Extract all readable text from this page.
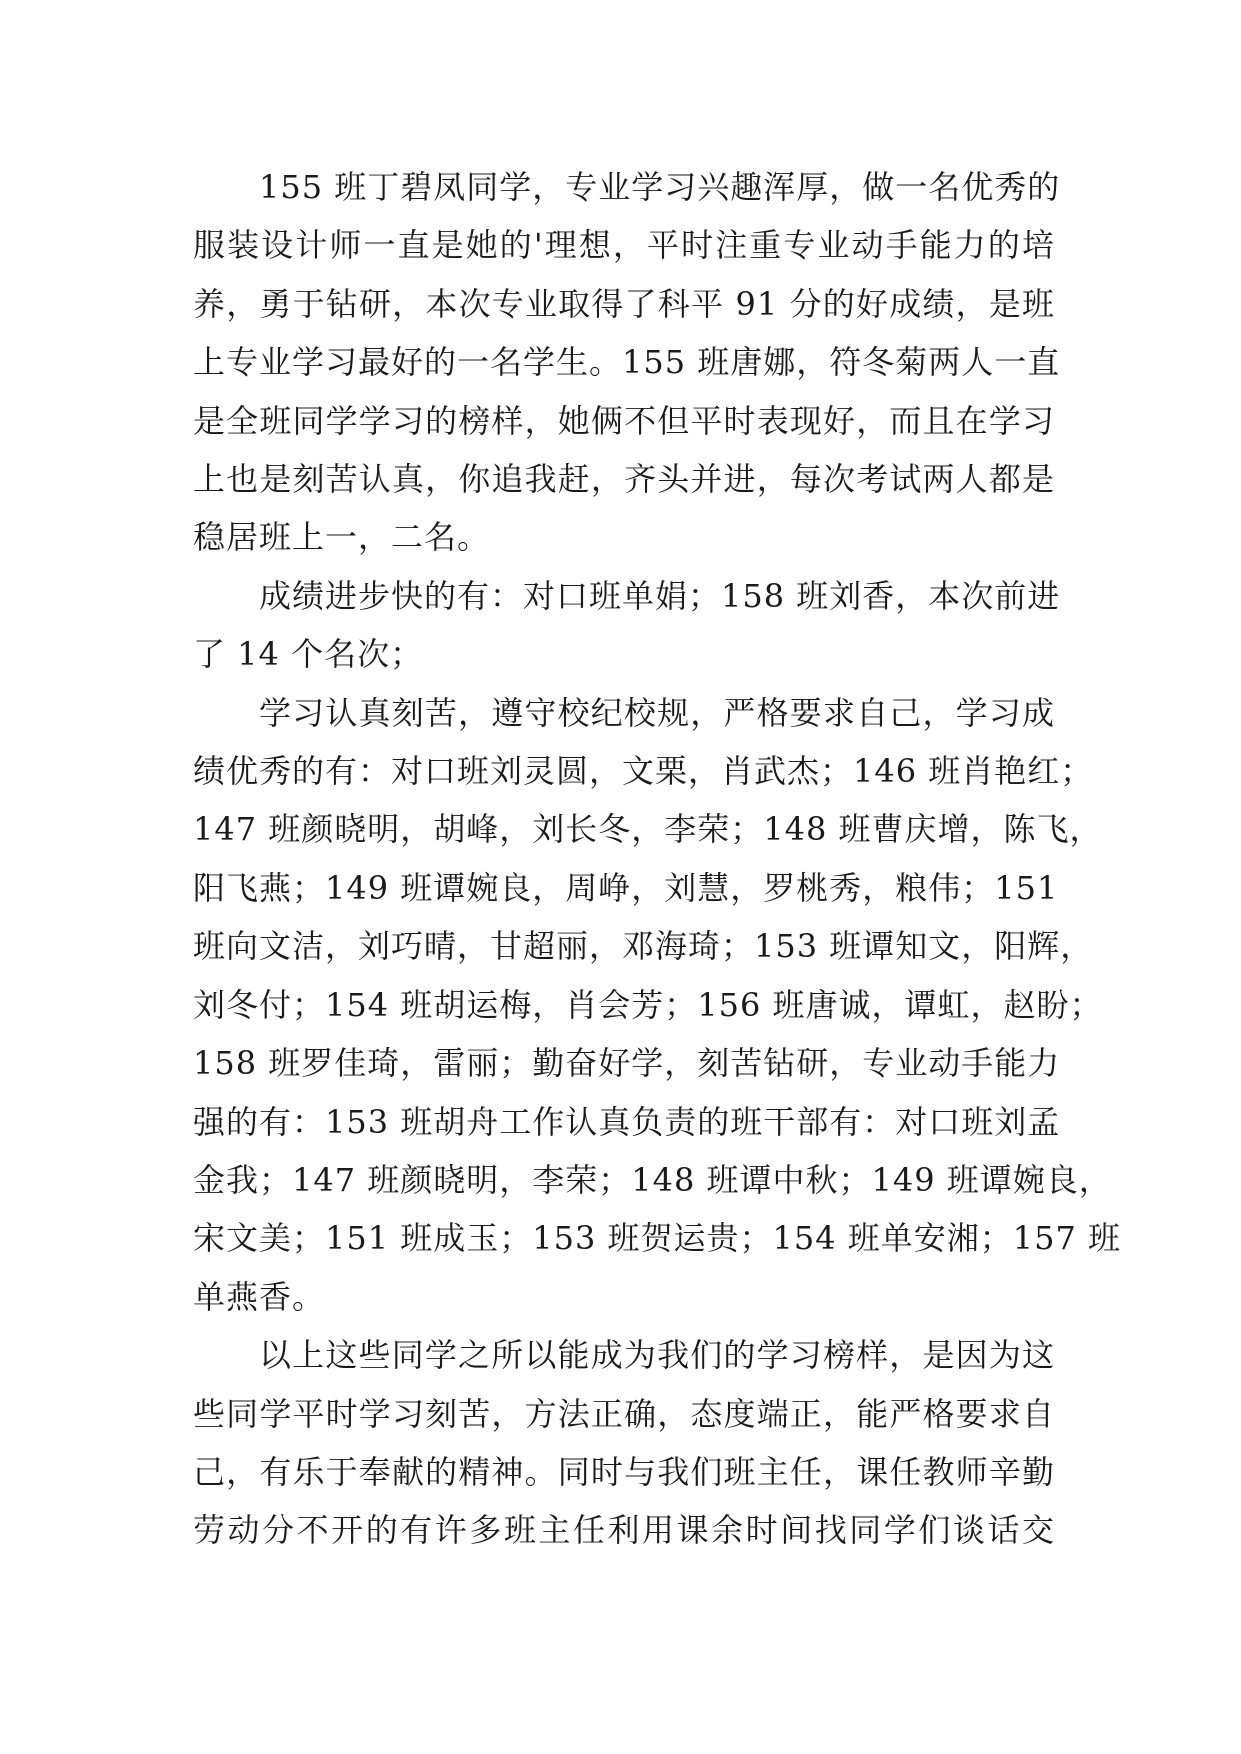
155 班丁碧凤同学，专业学习兴趣浑厚，做一名优秀的
服装设计师一直是她的'理想，平时注重专业动手能力的培
养，勇于钻研，本次专业取得了科平 91 分的好成绩，是班
上专业学习最好的一名学生。155 班唐娜，符冬菊两人一直
是全班同学学习的榜样，她俩不但平时表现好，而且在学习
上也是刻苦认真，你追我赶，齐头并进，每次考试两人都是
稳居班上一，二名。

成绩进步快的有：对口班单娟；158 班刘香，本次前进
了 14 个名次；

学习认真刻苦，遵守校纪校规，严格要求自己，学习成
绩优秀的有：对口班刘灵圆，文栗，肖武杰；146 班肖艳红；
147 班颜晓明，胡峰，刘长冬，李荣；148 班曹庆增，陈飞，
阳飞燕；149 班谭婉良，周峥，刘慧，罗桃秀，粮伟；151
班向文洁，刘巧晴，甘超丽，邓海琦；153 班谭知文，阳辉，
刘冬付；154 班胡运梅，肖会芳；156 班唐诚，谭虹，赵盼；
158 班罗佳琦，雷丽；勤奋好学，刻苦钻研，专业动手能力
强的有：153 班胡舟工作认真负责的班干部有：对口班刘孟
金我；147 班颜晓明，李荣；148 班谭中秋；149 班谭婉良，
宋文美；151 班成玉；153 班贺运贵；154 班单安湘；157 班
单燕香。

以上这些同学之所以能成为我们的学习榜样，是因为这
些同学平时学习刻苦，方法正确，态度端正，能严格要求自
己，有乐于奉献的精神。同时与我们班主任，课任教师辛勤
劳动分不开的有许多班主任利用课余时间找同学们谈话交
